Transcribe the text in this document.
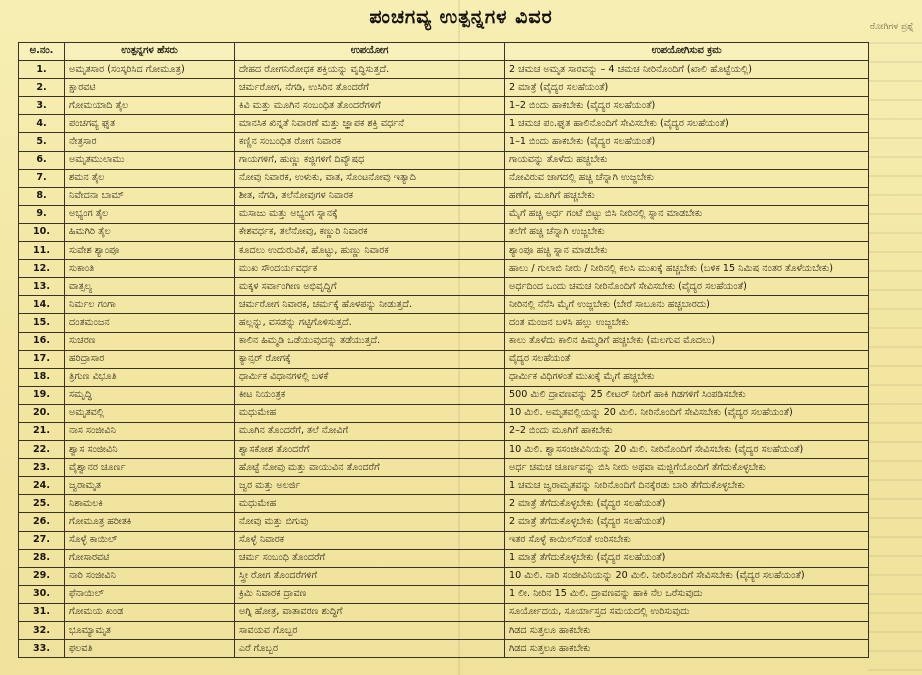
ರೋಗಿಗಳ ಪ್ರಶ್ನೆ
ಪಂಚಗವ್ಯ ಉತ್ಪನ್ನಗಳ ವಿವರ
ಅ.ನಂ.	ಉತ್ಪನ್ನಗಳ ಹೆಸರು	ಉಪಯೋಗ	ಉಪಯೋಗಿಸುವ ಕ್ರಮ
1.	ಅಮೃತಸಾರ (ಸಂಸ್ಕರಿಸಿದ ಗೋಮೂತ್ರ)	ದೇಹದ ರೋಗನಿರೋಧಕ ಶಕ್ತಿಯನ್ನು ವೃದ್ಧಿಸುತ್ತದೆ.	2 ಚಮಚ ಅಮೃತ ಸಾರವನ್ನು – 4 ಚಮಚ ನೀರಿನೊಂದಿಗೆ (ಖಾಲಿ ಹೊಟ್ಟೆಯಲ್ಲಿ)
2.	ಕ್ಷಾರವಟಿ	ಚರ್ಮರೋಗ, ನೆಗಡಿ, ಉಸಿರಿನ ತೊಂದರೆಗೆ	2 ಮಾತ್ರೆ (ವೈದ್ಯರ ಸಲಹೆಯಂತೆ)
3.	ಗೋಮಯಾದಿ ತೈಲ	ಕಿವಿ ಮತ್ತು ಮೂಗಿನ ಸಂಬಂಧಿತ ತೊಂದರೆಗಳಿಗೆ	1–2 ಬಿಂದು ಹಾಕಬೇಕು (ವೈದ್ಯರ ಸಲಹೆಯಂತೆ)
4.	ಪಂಚಗವ್ಯ ಘೃತ	ಮಾನಸಿಕ ಖಿನ್ನತೆ ನಿವಾರಣೆ ಮತ್ತು ಜ್ಞಾಪಕ ಶಕ್ತಿ ವರ್ಧನೆ	1 ಚಮಚ ಪಂ.ಘೃತ ಹಾಲಿನೊಂದಿಗೆ ಸೇವಿಸಬೇಕು (ವೈದ್ಯರ ಸಲಹೆಯಂತೆ)
5.	ನೇತ್ರಸಾರ	ಕಣ್ಣಿನ ಸಂಬಂಧಿತ ರೋಗ ನಿವಾರಕ	1–1 ಬಿಂದು ಹಾಕಬೇಕು (ವೈದ್ಯರ ಸಲಹೆಯಂತೆ)
6.	ಅಮೃತಮುಲಾಮು	ಗಾಯಗಳಿಗೆ, ಹುಣ್ಣು ಕಜ್ಜಿಗಳಿಗೆ ದಿವ್ಯೌಷಧ	ಗಾಯವನ್ನು ತೊಳೆದು ಹಚ್ಚಬೇಕು
7.	ಶಮನ ತೈಲ	ನೋವು ನಿವಾರಕ, ಉಳುಕು, ವಾತ, ಸೊಂಟನೋವು ಇತ್ಯಾದಿ	ನೋವಿರುವ ಜಾಗದಲ್ಲಿ ಹಚ್ಚಿ ಚೆನ್ನಾಗಿ ಉಜ್ಜಬೇಕು
8.	ನಿವೇದನಾ ಬಾಮ್	ಶೀತ, ನೆಗಡಿ, ತಲೆನೋವುಗಳ ನಿವಾರಕ	ಹಣೆಗೆ, ಮೂಗಿಗೆ ಹಚ್ಚಬೇಕು
9.	ಅಭ್ಯಂಗ ತೈಲ	ಮಸಾಜು ಮತ್ತು ಅಭ್ಯಂಗ ಸ್ನಾನಕ್ಕೆ	ಮೈಗೆ ಹಚ್ಚಿ ಅರ್ಧ ಗಂಟೆ ಬಿಟ್ಟು ಬಿಸಿ ನೀರಿನಲ್ಲಿ ಸ್ನಾನ ಮಾಡಬೇಕು
10.	ಹಿಮಗಿರಿ ತೈಲ	ಕೇಶವರ್ಧಕ, ತಲೆನೋವು, ಕಣ್ಣುರಿ ನಿವಾರಕ	ತಲೆಗೆ ಹಚ್ಚಿ ಚೆನ್ನಾಗಿ ಉಜ್ಜಬೇಕು
11.	ಸುವೇಶ ಶ್ಯಾಂಪೂ	ಕೂದಲು ಉದುರುವಿಕೆ, ಹೊಟ್ಟು, ಹುಣ್ಣು ನಿವಾರಕ	ಶ್ಯಾಂಪೂ ಹಚ್ಚಿ ಸ್ನಾನ ಮಾಡಬೇಕು
12.	ಸುಕಾಂತಿ	ಮುಖ ಸೌಂದರ್ಯವರ್ಧಕ	ಹಾಲು / ಗುಲಾಬಿ ನೀರು / ನೀರಿನಲ್ಲಿ ಕಲಸಿ ಮುಖಕ್ಕೆ ಹಚ್ಚಬೇಕು (ಬಳಿಕ 15 ನಿಮಿಷ ನಂತರ ತೊಳೆಯಬೇಕು)
13.	ವಾತ್ಸಲ್ಯ	ಮಕ್ಕಳ ಸರ್ವಾಂಗೀಣ ಅಭಿವೃದ್ಧಿಗೆ	ಅರ್ಧದಿಂದ ಒಂದು ಚಮಚ ನೀರಿನೊಂದಿಗೆ ಸೇವಿಸಬೇಕು (ವೈದ್ಯರ ಸಲಹೆಯಂತೆ)
14.	ನಿರ್ಮಲ ಗಂಗಾ	ಚರ್ಮರೋಗ ನಿವಾರಕ, ಚರ್ಮಕ್ಕೆ ಹೊಳಪನ್ನು ನೀಡುತ್ತದೆ.	ನೀರಿನಲ್ಲಿ ನೆನೆಸಿ ಮೈಗೆ ಉಜ್ಜಬೇಕು (ಬೇರೆ ಸಾಬೂನು ಹಚ್ಚಬಾರದು)
15.	ದಂತಮಂಜನ	ಹಲ್ಲನ್ನು, ವಸಡನ್ನು ಗಟ್ಟಿಗೊಳಿಸುತ್ತದೆ.	ದಂತ ಮಂಜನ ಬಳಸಿ ಹಲ್ಲು ಉಜ್ಜಬೇಕು
16.	ಸುಚರಣ	ಕಾಲಿನ ಹಿಮ್ಮಡಿ ಒಡೆಯುವುದನ್ನು ತಡೆಯುತ್ತದೆ.	ಕಾಲು ತೊಳೆದು ಕಾಲಿನ ಹಿಮ್ಮಡಿಗೆ ಹಚ್ಚಬೇಕು (ಮಲಗುವ ಮೊದಲು)
17.	ಹರಿದ್ರಾಸಾರ	ಕ್ಯಾನ್ಸರ್ ರೋಗಕ್ಕೆ	ವೈದ್ಯರ ಸಲಹೆಯಂತೆ
18.	ತ್ರಿಗುಣ ವಿಭೂತಿ	ಧಾರ್ಮಿಕ ವಿಧಾನಗಳಲ್ಲಿ ಬಳಕೆ	ಧಾರ್ಮಿಕ ವಿಧಿಗಳಂತೆ ಮುಖಕ್ಕೆ ಮೈಗೆ ಹಚ್ಚಬೇಕು
19.	ಸಮೃದ್ಧಿ	ಕೀಟ ನಿಯಂತ್ರಕ	500 ಮಿಲಿ ದ್ರಾವಣವನ್ನು 25 ಲೀಟರ್ ನೀರಿಗೆ ಹಾಕಿ ಗಿಡಗಳಿಗೆ ಸಿಂಪಡಿಸಬೇಕು
20.	ಅಮೃತವಲ್ಲಿ	ಮಧುಮೇಹ	10 ಮಿಲಿ. ಅಮೃತವಲ್ಲಿಯನ್ನು 20 ಮಿಲಿ. ನೀರಿನೊಂದಿಗೆ ಸೇವಿಸಬೇಕು (ವೈದ್ಯರ ಸಲಹೆಯಂತೆ)
21.	ನಾಸ ಸಂಜೀವಿನಿ	ಮೂಗಿನ ತೊಂದರೆಗೆ, ತಲೆ ನೋವಿಗೆ	2–2 ಬಿಂದು ಮೂಗಿಗೆ ಹಾಕಬೇಕು
22.	ಶ್ವಾಸ ಸಂಜೀವಿನಿ	ಶ್ವಾಸಕೋಶ ತೊಂದರೆಗೆ	10 ಮಿಲಿ. ಶ್ವಾಸಸಂಜೀವಿನಿಯನ್ನು 20 ಮಿಲಿ. ನೀರಿನೊಂದಿಗೆ ಸೇವಿಸಬೇಕು (ವೈದ್ಯರ ಸಲಹೆಯಂತೆ)
23.	ವೈಶ್ವಾನರ ಚೂರ್ಣ	ಹೊಟ್ಟೆ ನೋವು ಮತ್ತು ವಾಯುವಿನ ತೊಂದರೆಗೆ	ಅರ್ಧ ಚಮಚ ಚೂರ್ಣವನ್ನು ಬಿಸಿ ನೀರು ಅಥವಾ ಮಜ್ಜಿಗೆಯೊಂದಿಗೆ ತೆಗೆದುಕೊಳ್ಳಬೇಕು
24.	ಜ್ವರಾಮೃತ	ಜ್ವರ ಮತ್ತು ಅಲರ್ಜಿ	1 ಚಮಚ ಜ್ವರಾಮೃತವನ್ನು ನೀರಿನೊಂದಿಗೆ ದಿನಕ್ಕೆರಡು ಬಾರಿ ತೆಗೆದುಕೊಳ್ಳಬೇಕು
25.	ನಿಶಾಮಲಕಿ	ಮಧುಮೇಹ	2 ಮಾತ್ರೆ ತೆಗೆದುಕೊಳ್ಳಬೇಕು (ವೈದ್ಯರ ಸಲಹೆಯಂತೆ)
26.	ಗೋಮೂತ್ರ ಹರೀತಕಿ	ನೋವು ಮತ್ತು ಬಿಗುವು	2 ಮಾತ್ರೆ ತೆಗೆದುಕೊಳ್ಳಬೇಕು (ವೈದ್ಯರ ಸಲಹೆಯಂತೆ)
27.	ಸೊಳ್ಳೆ ಕಾಯಿಲ್	ಸೊಳ್ಳೆ ನಿವಾರಕ	ಇತರ ಸೊಳ್ಳೆ ಕಾಯಿಲ್‌ನಂತೆ ಉರಿಸಬೇಕು
28.	ಗೋಸಾರವಟಿ	ಚರ್ಮ ಸಂಬಂಧಿ ತೊಂದರೆಗೆ	1 ಮಾತ್ರೆ ತೆಗೆದುಕೊಳ್ಳಬೇಕು (ವೈದ್ಯರ ಸಲಹೆಯಂತೆ)
29.	ನಾರಿ ಸಂಜೀವಿನಿ	ಸ್ತ್ರೀ ರೋಗ ತೊಂದರೆಗಳಿಗೆ	10 ಮಿಲಿ. ನಾರಿ ಸಂಜೀವಿನಿಯನ್ನು 20 ಮಿಲಿ. ನೀರಿನೊಂದಿಗೆ ಸೇವಿಸಬೇಕು (ವೈದ್ಯರ ಸಲಹೆಯಂತೆ)
30.	ಫೆನಾಯಿಲ್	ಕ್ರಿಮಿ ನಿವಾರಕ ದ್ರಾವಣ	1 ಲೀ. ನೀರಿನ 15 ಮಿಲಿ. ದ್ರಾವಣವನ್ನು ಹಾಕಿ ನೆಲ ಒರೆಸುವುದು
31.	ಗೋಮಯ ಖಂಡ	ಅಗ್ನಿ ಹೋತ್ರ, ವಾತಾವರಣ ಶುದ್ಧಿಗೆ	ಸೂರ್ಯೋದಯ, ಸೂರ್ಯಾಸ್ತದ ಸಮಯದಲ್ಲಿ ಉರಿಸುವುದು
32.	ಭೂಮ್ಯಾಮೃತ	ಸಾವಯವ ಗೊಬ್ಬರ	ಗಿಡದ ಸುತ್ತಲೂ ಹಾಕಬೇಕು
33.	ಫಲವತಿ	ಎರೆ ಗೊಬ್ಬರ	ಗಿಡದ ಸುತ್ತಲೂ ಹಾಕಬೇಕು
